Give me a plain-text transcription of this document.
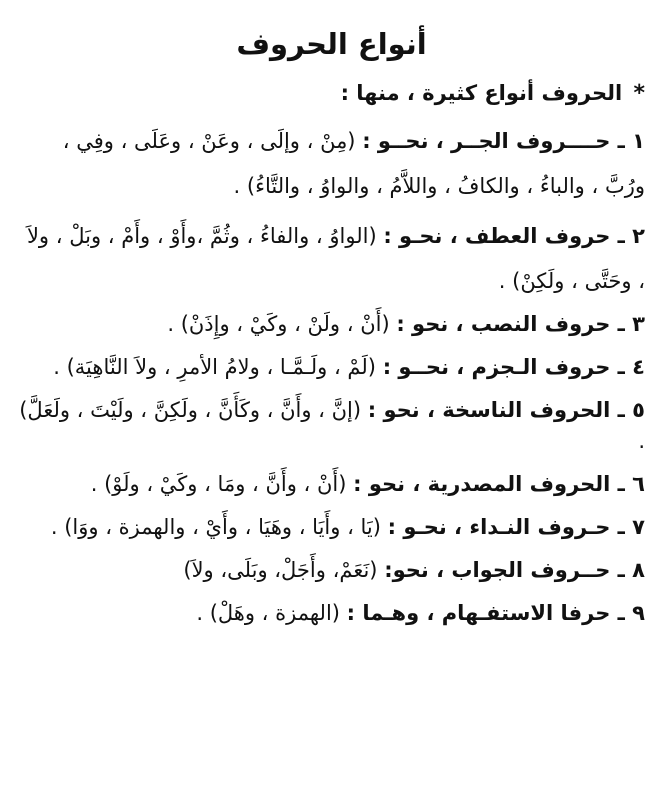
أنواع الحروف

* الحروف أنواع كثيرة ، منها :

١ ـ حــــروف الجــر ، نحــو : (مِنْ ، وإلَى ، وعَنْ ، وعَلَى ، وفِي ، ورُبَّ ، والباءُ ، والكافُ ، واللاَّمُ ، والواوُ ، والتَّاءُ) .
٢ ـ حروف العطف ، نحـو : (الواوُ ، والفاءُ ، وثُمَّ ،وأَوْ ، وأَمْ ، وبَلْ ، ولاَ ، وحَتَّى ، ولَكِنْ) .
٣ ـ حروف النصب ، نحو : (أَنْ ، ولَنْ ، وكَيْ ، وإِذَنْ) .
٤ ـ حروف الـجزم ، نحــو : (لَمْ ، ولَـمَّـا ، ولامُ الأمرِ ، ولاَ النَّاهِيَة) .
٥ ـ الحروف الناسخة ، نحو : (إنَّ ، وأَنَّ ، وكَأَنَّ ، ولَكِنَّ ، ولَيْتَ ، ولَعَلَّ) .
٦ ـ الحروف المصدرية ، نحو : (أَنْ ، وأَنَّ ، ومَا ، وكَيْ ، ولَوْ) .
٧ ـ حـروف النـداء ، نحـو : (يَا ، وأَيَا ، وهَيَا ، وأَيْ ، والهمزة ، ووَا) .
٨ ـ حــروف الجواب ، نحو: (نَعَمْ، وأَجَلْ، وبَلَى، ولاَ)
٩ ـ حرفا الاستفـهام ، وهـما : (الهمزة ، وهَلْ) .
